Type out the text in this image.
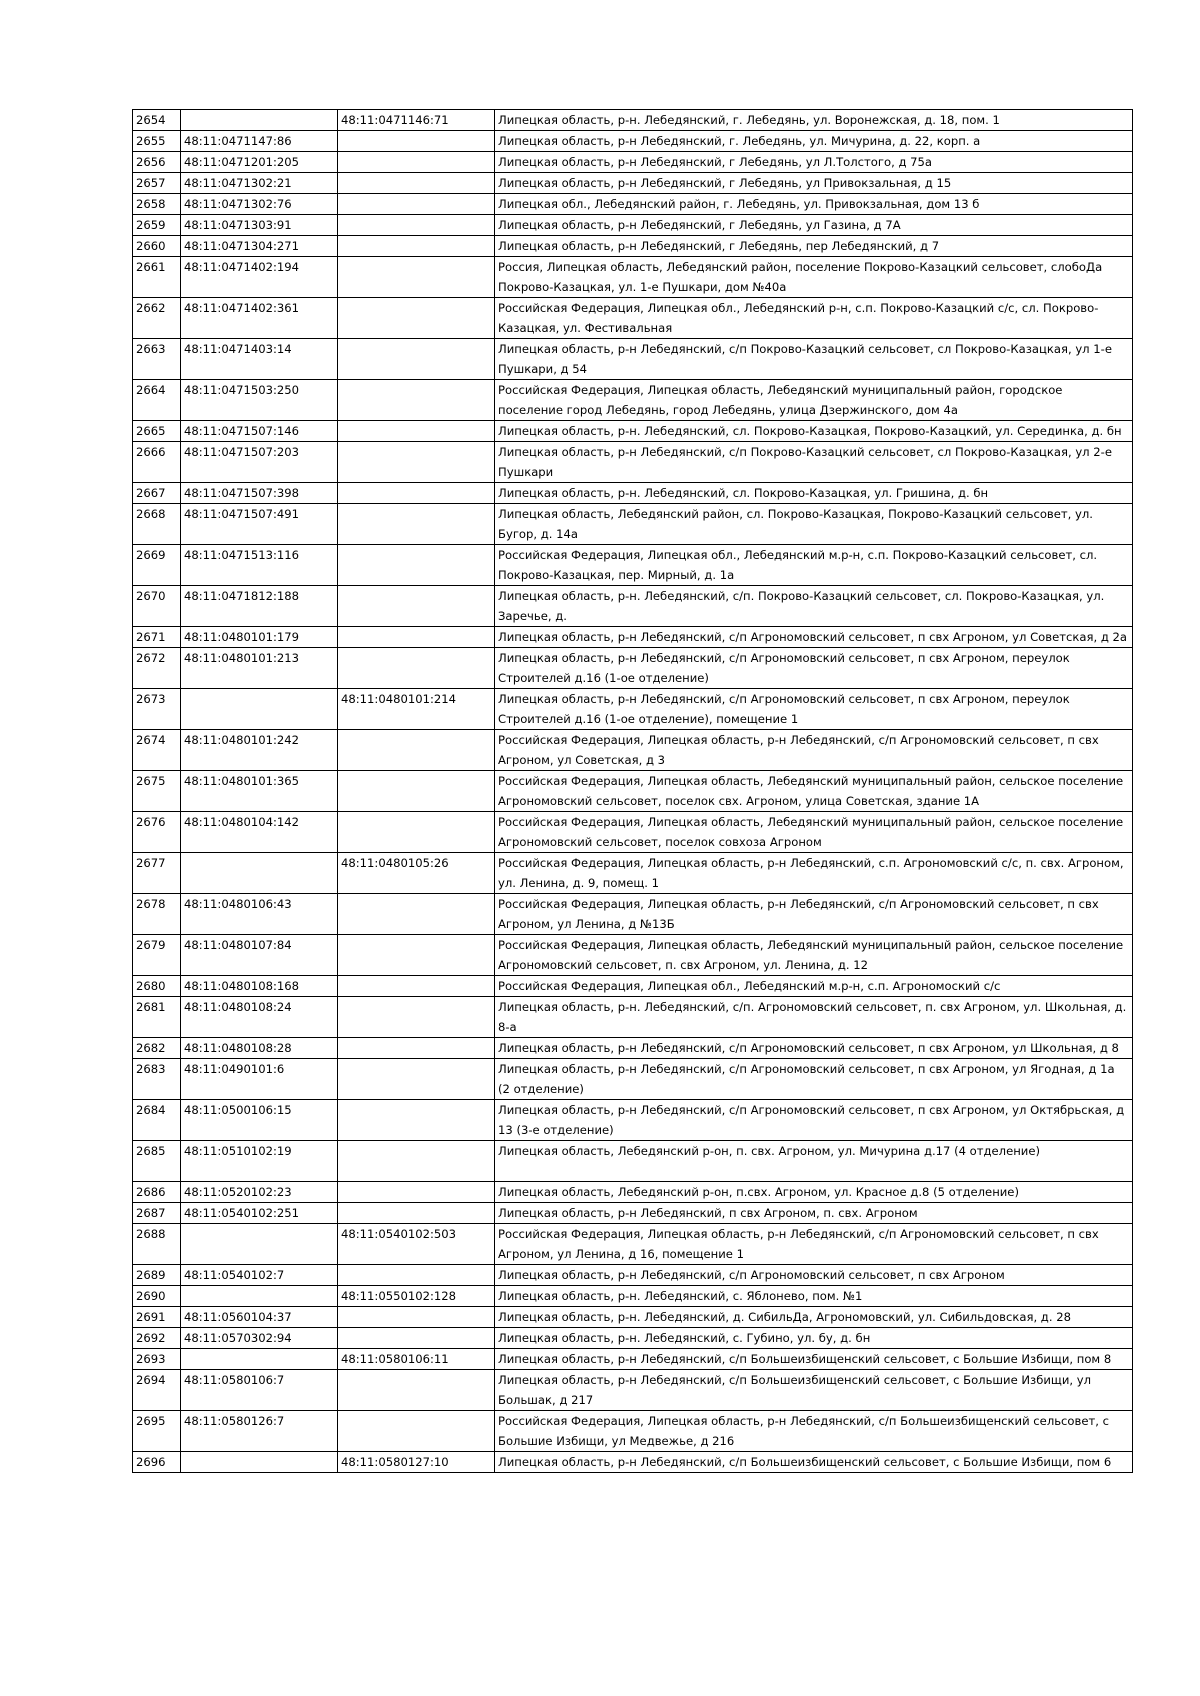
2654		48:11:0471146:71	Липецкая область, р-н. Лебедянский, г. Лебедянь, ул. Воронежская, д. 18, пом. 1
2655	48:11:0471147:86		Липецкая область, р-н Лебедянский, г. Лебедянь, ул. Мичурина, д. 22, корп. а
2656	48:11:0471201:205		Липецкая область, р-н Лебедянский, г Лебедянь, ул Л.Толстого, д 75а
2657	48:11:0471302:21		Липецкая область, р-н Лебедянский, г Лебедянь, ул Привокзальная, д 15
2658	48:11:0471302:76		Липецкая обл., Лебедянский район, г. Лебедянь, ул. Привокзальная, дом 13 б
2659	48:11:0471303:91		Липецкая область, р-н Лебедянский, г Лебедянь, ул Газина, д 7А
2660	48:11:0471304:271		Липецкая область, р-н Лебедянский, г Лебедянь, пер Лебедянский, д 7
2661	48:11:0471402:194		Россия, Липецкая область, Лебедянский район, поселение Покрово-Казацкий сельсовет, слобоДа Покрово-Казацкая, ул. 1-е Пушкари, дом №40а
2662	48:11:0471402:361		Российская Федерация, Липецкая обл., Лебедянский р-н, с.п. Покрово-Казацкий с/с, сл. Покрово-Казацкая, ул. Фестивальная
2663	48:11:0471403:14		Липецкая область, р-н Лебедянский, с/п Покрово-Казацкий сельсовет, сл Покрово-Казацкая, ул 1-е Пушкари, д 54
2664	48:11:0471503:250		Российская Федерация, Липецкая область, Лебедянский муниципальный район, городское поселение город Лебедянь, город Лебедянь, улица Дзержинского, дом 4а
2665	48:11:0471507:146		Липецкая область, р-н. Лебедянский, сл. Покрово-Казацкая, Покрово-Казацкий, ул. Серединка, д. бн
2666	48:11:0471507:203		Липецкая область, р-н Лебедянский, с/п Покрово-Казацкий сельсовет, сл Покрово-Казацкая, ул 2-е Пушкари
2667	48:11:0471507:398		Липецкая область, р-н. Лебедянский, сл. Покрово-Казацкая, ул. Гришина, д. бн
2668	48:11:0471507:491		Липецкая область, Лебедянский район, сл. Покрово-Казацкая, Покрово-Казацкий сельсовет, ул. Бугор, д. 14а
2669	48:11:0471513:116		Российская Федерация, Липецкая обл., Лебедянский м.р-н, с.п. Покрово-Казацкий сельсовет, сл. Покрово-Казацкая, пер. Мирный, д. 1а
2670	48:11:0471812:188		Липецкая область, р-н. Лебедянский, с/п. Покрово-Казацкий сельсовет, сл. Покрово-Казацкая, ул. Заречье, д.
2671	48:11:0480101:179		Липецкая область, р-н Лебедянский, с/п Агрономовский сельсовет, п свх Агроном, ул Советская, д 2а
2672	48:11:0480101:213		Липецкая область, р-н Лебедянский, с/п Агрономовский сельсовет, п свх Агроном, переулок Строителей д.16 (1-ое отделение)
2673		48:11:0480101:214	Липецкая область, р-н Лебедянский, с/п Агрономовский сельсовет, п свх Агроном, переулок Строителей д.16 (1-ое отделение), помещение 1
2674	48:11:0480101:242		Российская Федерация, Липецкая область, р-н Лебедянский, с/п Агрономовский сельсовет, п свх Агроном, ул Советская, д 3
2675	48:11:0480101:365		Российская Федерация, Липецкая область, Лебедянский муниципальный район, сельское поселение Агрономовский сельсовет, поселок свх. Агроном, улица Советская, здание 1А
2676	48:11:0480104:142		Российская Федерация, Липецкая область, Лебедянский муниципальный район, сельское поселение Агрономовский сельсовет, поселок совхоза Агроном
2677		48:11:0480105:26	Российская Федерация, Липецкая область, р-н Лебедянский, с.п. Агрономовский с/с, п. свх. Агроном, ул. Ленина, д. 9, помещ. 1
2678	48:11:0480106:43		Российская Федерация, Липецкая область, р-н Лебедянский, с/п Агрономовский сельсовет, п свх Агроном, ул Ленина, д №13Б
2679	48:11:0480107:84		Российская Федерация, Липецкая область, Лебедянский муниципальный район, сельское поселение Агрономовский сельсовет, п. свх Агроном, ул. Ленина, д. 12
2680	48:11:0480108:168		Российская Федерация, Липецкая обл., Лебедянский м.р-н, с.п. Агрономоский с/с
2681	48:11:0480108:24		Липецкая область, р-н. Лебедянский, с/п. Агрономовский сельсовет, п. свх Агроном, ул. Школьная, д. 8-а
2682	48:11:0480108:28		Липецкая область, р-н Лебедянский, с/п Агрономовский сельсовет, п свх Агроном, ул Школьная, д 8
2683	48:11:0490101:6		Липецкая область, р-н Лебедянский, с/п Агрономовский сельсовет, п свх Агроном, ул Ягодная, д 1а (2 отделение)
2684	48:11:0500106:15		Липецкая область, р-н Лебедянский, с/п Агрономовский сельсовет, п свх Агроном, ул Октябрьская, д 13 (3-е отделение)
2685	48:11:0510102:19		Липецкая область, Лебедянский р-он, п. свх. Агроном, ул. Мичурина д.17 (4 отделение)
2686	48:11:0520102:23		Липецкая область, Лебедянский р-он, п.свх. Агроном, ул. Красное д.8 (5 отделение)
2687	48:11:0540102:251		Липецкая область, р-н Лебедянский, п свх Агроном, п. свх. Агроном
2688		48:11:0540102:503	Российская Федерация, Липецкая область, р-н Лебедянский, с/п Агрономовский сельсовет, п свх Агроном, ул Ленина, д 16, помещение 1
2689	48:11:0540102:7		Липецкая область, р-н Лебедянский, с/п Агрономовский сельсовет, п свх Агроном
2690		48:11:0550102:128	Липецкая область, р-н. Лебедянский, с. Яблонево, пом. №1
2691	48:11:0560104:37		Липецкая область, р-н. Лебедянский, д. СибильДа, Агрономовский, ул. Сибильдовская, д. 28
2692	48:11:0570302:94		Липецкая область, р-н. Лебедянский, с. Губино, ул. бу, д. бн
2693		48:11:0580106:11	Липецкая область, р-н Лебедянский, с/п Большеизбищенский сельсовет, с Большие Избищи, пом 8
2694	48:11:0580106:7		Липецкая область, р-н Лебедянский, с/п Большеизбищенский сельсовет, с Большие Избищи, ул Большак, д 217
2695	48:11:0580126:7		Российская Федерация, Липецкая область, р-н Лебедянский, с/п Большеизбищенский сельсовет, с Большие Избищи, ул Медвежье, д 216
2696		48:11:0580127:10	Липецкая область, р-н Лебедянский, с/п Большеизбищенский сельсовет, с Большие Избищи, пом 6
